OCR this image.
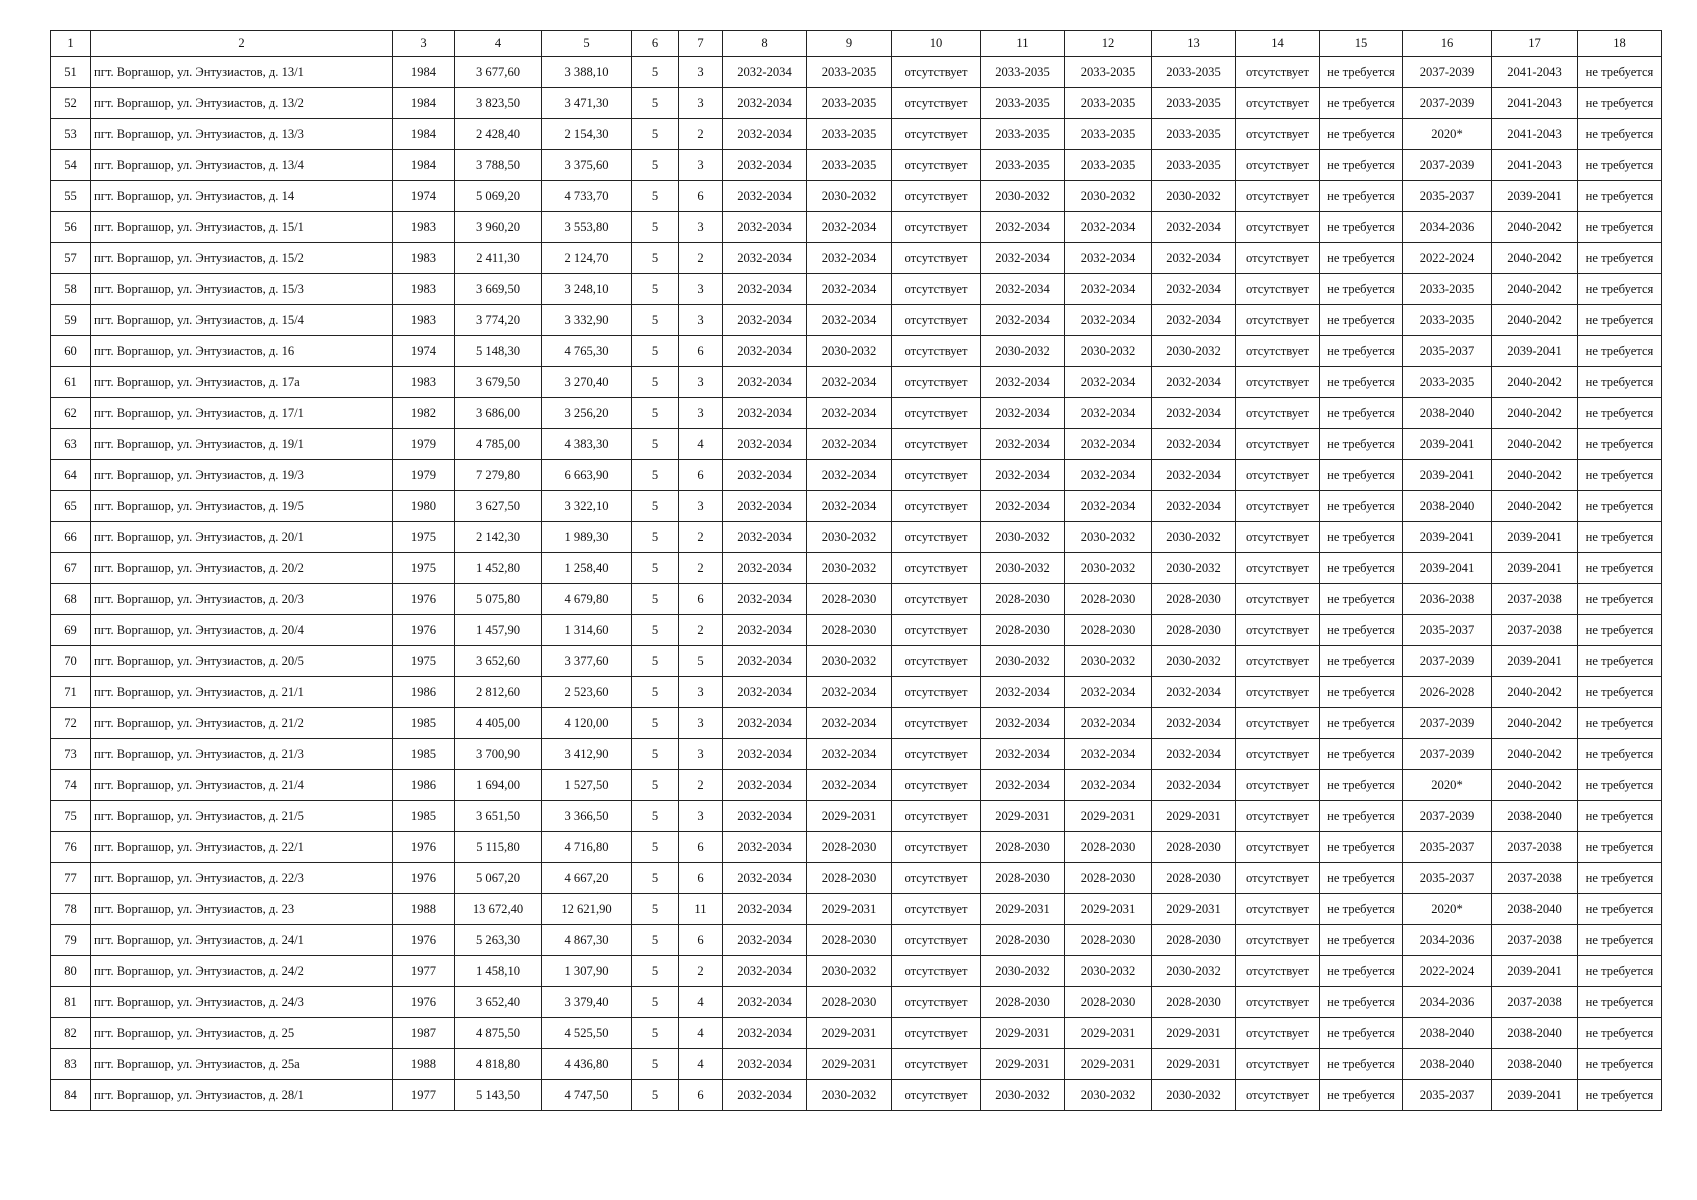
1	2	3	4	5	6	7	8	9	10	11	12	13	14	15	16	17	18
51	пгт. Воргашор, ул. Энтузиастов, д. 13/1	1984	3 677,60	3 388,10	5	3	2032-2034	2033-2035	отсутствует	2033-2035	2033-2035	2033-2035	отсутствует	не требуется	2037-2039	2041-2043	не требуется
52	пгт. Воргашор, ул. Энтузиастов, д. 13/2	1984	3 823,50	3 471,30	5	3	2032-2034	2033-2035	отсутствует	2033-2035	2033-2035	2033-2035	отсутствует	не требуется	2037-2039	2041-2043	не требуется
53	пгт. Воргашор, ул. Энтузиастов, д. 13/3	1984	2 428,40	2 154,30	5	2	2032-2034	2033-2035	отсутствует	2033-2035	2033-2035	2033-2035	отсутствует	не требуется	2020*	2041-2043	не требуется
54	пгт. Воргашор, ул. Энтузиастов, д. 13/4	1984	3 788,50	3 375,60	5	3	2032-2034	2033-2035	отсутствует	2033-2035	2033-2035	2033-2035	отсутствует	не требуется	2037-2039	2041-2043	не требуется
55	пгт. Воргашор, ул. Энтузиастов, д. 14	1974	5 069,20	4 733,70	5	6	2032-2034	2030-2032	отсутствует	2030-2032	2030-2032	2030-2032	отсутствует	не требуется	2035-2037	2039-2041	не требуется
56	пгт. Воргашор, ул. Энтузиастов, д. 15/1	1983	3 960,20	3 553,80	5	3	2032-2034	2032-2034	отсутствует	2032-2034	2032-2034	2032-2034	отсутствует	не требуется	2034-2036	2040-2042	не требуется
57	пгт. Воргашор, ул. Энтузиастов, д. 15/2	1983	2 411,30	2 124,70	5	2	2032-2034	2032-2034	отсутствует	2032-2034	2032-2034	2032-2034	отсутствует	не требуется	2022-2024	2040-2042	не требуется
58	пгт. Воргашор, ул. Энтузиастов, д. 15/3	1983	3 669,50	3 248,10	5	3	2032-2034	2032-2034	отсутствует	2032-2034	2032-2034	2032-2034	отсутствует	не требуется	2033-2035	2040-2042	не требуется
59	пгт. Воргашор, ул. Энтузиастов, д. 15/4	1983	3 774,20	3 332,90	5	3	2032-2034	2032-2034	отсутствует	2032-2034	2032-2034	2032-2034	отсутствует	не требуется	2033-2035	2040-2042	не требуется
60	пгт. Воргашор, ул. Энтузиастов, д. 16	1974	5 148,30	4 765,30	5	6	2032-2034	2030-2032	отсутствует	2030-2032	2030-2032	2030-2032	отсутствует	не требуется	2035-2037	2039-2041	не требуется
61	пгт. Воргашор, ул. Энтузиастов, д. 17а	1983	3 679,50	3 270,40	5	3	2032-2034	2032-2034	отсутствует	2032-2034	2032-2034	2032-2034	отсутствует	не требуется	2033-2035	2040-2042	не требуется
62	пгт. Воргашор, ул. Энтузиастов, д. 17/1	1982	3 686,00	3 256,20	5	3	2032-2034	2032-2034	отсутствует	2032-2034	2032-2034	2032-2034	отсутствует	не требуется	2038-2040	2040-2042	не требуется
63	пгт. Воргашор, ул. Энтузиастов, д. 19/1	1979	4 785,00	4 383,30	5	4	2032-2034	2032-2034	отсутствует	2032-2034	2032-2034	2032-2034	отсутствует	не требуется	2039-2041	2040-2042	не требуется
64	пгт. Воргашор, ул. Энтузиастов, д. 19/3	1979	7 279,80	6 663,90	5	6	2032-2034	2032-2034	отсутствует	2032-2034	2032-2034	2032-2034	отсутствует	не требуется	2039-2041	2040-2042	не требуется
65	пгт. Воргашор, ул. Энтузиастов, д. 19/5	1980	3 627,50	3 322,10	5	3	2032-2034	2032-2034	отсутствует	2032-2034	2032-2034	2032-2034	отсутствует	не требуется	2038-2040	2040-2042	не требуется
66	пгт. Воргашор, ул. Энтузиастов, д. 20/1	1975	2 142,30	1 989,30	5	2	2032-2034	2030-2032	отсутствует	2030-2032	2030-2032	2030-2032	отсутствует	не требуется	2039-2041	2039-2041	не требуется
67	пгт. Воргашор, ул. Энтузиастов, д. 20/2	1975	1 452,80	1 258,40	5	2	2032-2034	2030-2032	отсутствует	2030-2032	2030-2032	2030-2032	отсутствует	не требуется	2039-2041	2039-2041	не требуется
68	пгт. Воргашор, ул. Энтузиастов, д. 20/3	1976	5 075,80	4 679,80	5	6	2032-2034	2028-2030	отсутствует	2028-2030	2028-2030	2028-2030	отсутствует	не требуется	2036-2038	2037-2038	не требуется
69	пгт. Воргашор, ул. Энтузиастов, д. 20/4	1976	1 457,90	1 314,60	5	2	2032-2034	2028-2030	отсутствует	2028-2030	2028-2030	2028-2030	отсутствует	не требуется	2035-2037	2037-2038	не требуется
70	пгт. Воргашор, ул. Энтузиастов, д. 20/5	1975	3 652,60	3 377,60	5	5	2032-2034	2030-2032	отсутствует	2030-2032	2030-2032	2030-2032	отсутствует	не требуется	2037-2039	2039-2041	не требуется
71	пгт. Воргашор, ул. Энтузиастов, д. 21/1	1986	2 812,60	2 523,60	5	3	2032-2034	2032-2034	отсутствует	2032-2034	2032-2034	2032-2034	отсутствует	не требуется	2026-2028	2040-2042	не требуется
72	пгт. Воргашор, ул. Энтузиастов, д. 21/2	1985	4 405,00	4 120,00	5	3	2032-2034	2032-2034	отсутствует	2032-2034	2032-2034	2032-2034	отсутствует	не требуется	2037-2039	2040-2042	не требуется
73	пгт. Воргашор, ул. Энтузиастов, д. 21/3	1985	3 700,90	3 412,90	5	3	2032-2034	2032-2034	отсутствует	2032-2034	2032-2034	2032-2034	отсутствует	не требуется	2037-2039	2040-2042	не требуется
74	пгт. Воргашор, ул. Энтузиастов, д. 21/4	1986	1 694,00	1 527,50	5	2	2032-2034	2032-2034	отсутствует	2032-2034	2032-2034	2032-2034	отсутствует	не требуется	2020*	2040-2042	не требуется
75	пгт. Воргашор, ул. Энтузиастов, д. 21/5	1985	3 651,50	3 366,50	5	3	2032-2034	2029-2031	отсутствует	2029-2031	2029-2031	2029-2031	отсутствует	не требуется	2037-2039	2038-2040	не требуется
76	пгт. Воргашор, ул. Энтузиастов, д. 22/1	1976	5 115,80	4 716,80	5	6	2032-2034	2028-2030	отсутствует	2028-2030	2028-2030	2028-2030	отсутствует	не требуется	2035-2037	2037-2038	не требуется
77	пгт. Воргашор, ул. Энтузиастов, д. 22/3	1976	5 067,20	4 667,20	5	6	2032-2034	2028-2030	отсутствует	2028-2030	2028-2030	2028-2030	отсутствует	не требуется	2035-2037	2037-2038	не требуется
78	пгт. Воргашор, ул. Энтузиастов, д. 23	1988	13 672,40	12 621,90	5	11	2032-2034	2029-2031	отсутствует	2029-2031	2029-2031	2029-2031	отсутствует	не требуется	2020*	2038-2040	не требуется
79	пгт. Воргашор, ул. Энтузиастов, д. 24/1	1976	5 263,30	4 867,30	5	6	2032-2034	2028-2030	отсутствует	2028-2030	2028-2030	2028-2030	отсутствует	не требуется	2034-2036	2037-2038	не требуется
80	пгт. Воргашор, ул. Энтузиастов, д. 24/2	1977	1 458,10	1 307,90	5	2	2032-2034	2030-2032	отсутствует	2030-2032	2030-2032	2030-2032	отсутствует	не требуется	2022-2024	2039-2041	не требуется
81	пгт. Воргашор, ул. Энтузиастов, д. 24/3	1976	3 652,40	3 379,40	5	4	2032-2034	2028-2030	отсутствует	2028-2030	2028-2030	2028-2030	отсутствует	не требуется	2034-2036	2037-2038	не требуется
82	пгт. Воргашор, ул. Энтузиастов, д. 25	1987	4 875,50	4 525,50	5	4	2032-2034	2029-2031	отсутствует	2029-2031	2029-2031	2029-2031	отсутствует	не требуется	2038-2040	2038-2040	не требуется
83	пгт. Воргашор, ул. Энтузиастов, д. 25а	1988	4 818,80	4 436,80	5	4	2032-2034	2029-2031	отсутствует	2029-2031	2029-2031	2029-2031	отсутствует	не требуется	2038-2040	2038-2040	не требуется
84	пгт. Воргашор, ул. Энтузиастов, д. 28/1	1977	5 143,50	4 747,50	5	6	2032-2034	2030-2032	отсутствует	2030-2032	2030-2032	2030-2032	отсутствует	не требуется	2035-2037	2039-2041	не требуется
